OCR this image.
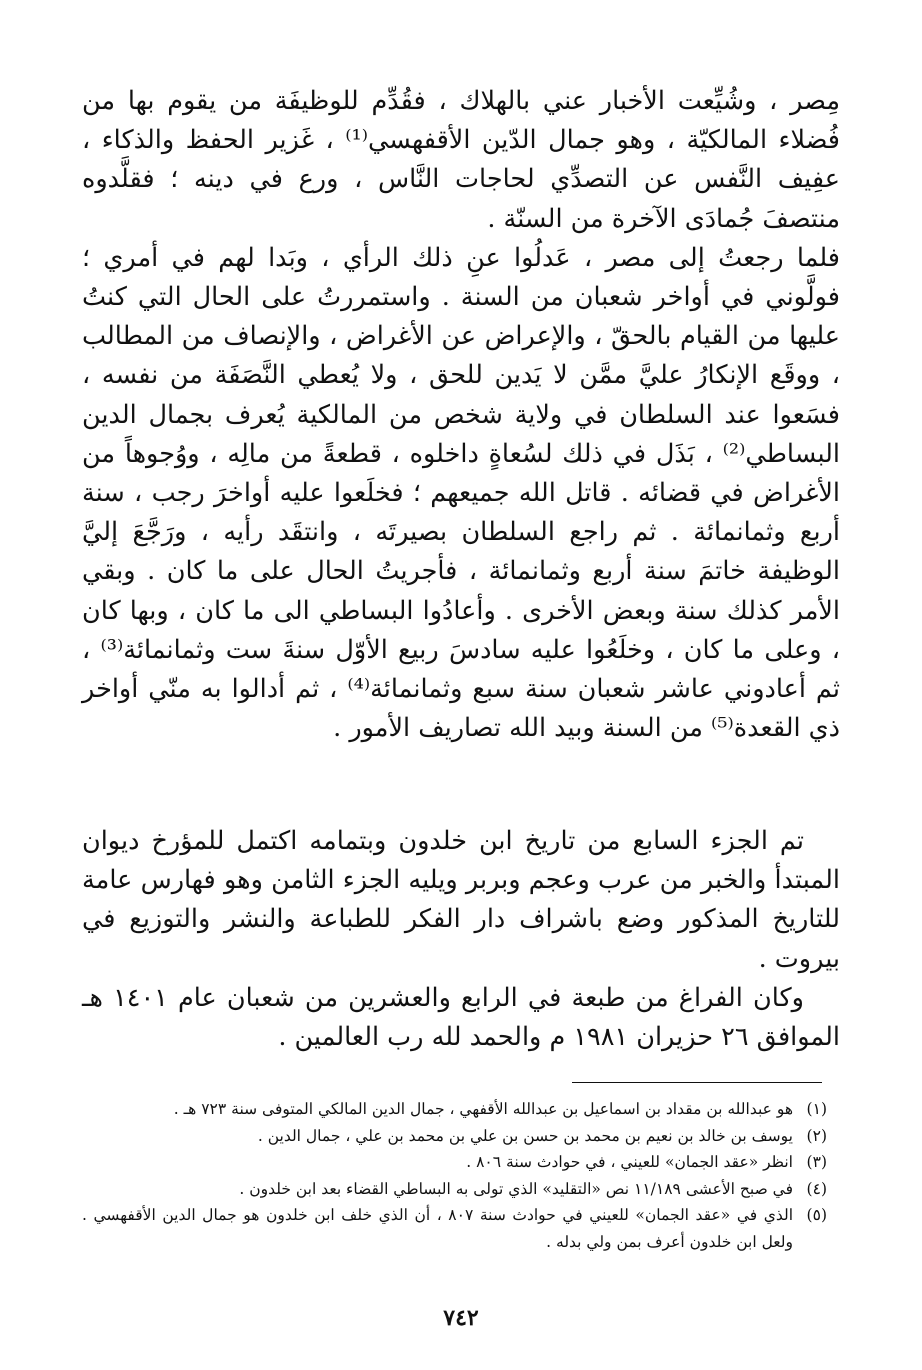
مِصر ، وشُيِّعت الأخبار عني بالهلاك ، فقُدِّم للوظيفَة من يقوم بها من فُضلاء المالكيّة ، وهو جمال الدّين الأقفهسي⁽¹⁾ ، غَزير الحفظ والذكاء ، عفِيف النَّفس عن التصدِّي لحاجات النَّاس ، ورع في دينه ؛ فقلَّدوه منتصفَ جُمادَى الآخرة من السنّة .

فلما رجعتُ إلى مصر ، عَدلُوا عنِ ذلك الرأي ، وبَدا لهم في أمري ؛ فولَّوني في أواخر شعبان من السنة . واستمررتُ على الحال التي كنتُ عليها من القيام بالحقّ ، والإعراض عن الأغراض ، والإنصاف من المطالب ، ووقَع الإنكارُ عليَّ ممَّن لا يَدين للحق ، ولا يُعطي النَّصَفَة من نفسه ، فسَعوا عند السلطان في ولاية شخص من المالكية يُعرف بجمال الدين البساطي⁽²⁾ ، بَذَل في ذلك لسُعاةٍ داخلوه ، قطعةً من مالِه ، ووُجوهاً من الأغراض في قضائه . قاتل الله جميعهم ؛ فخلَعوا عليه أواخرَ رجب ، سنة أربع وثمانمائة . ثم راجع السلطان بصيرتَه ، وانتقَد رأيه ، ورَجَّعَ إليَّ الوظيفة خاتمَ سنة أربع وثمانمائة ، فأجريتُ الحال على ما كان . وبقي الأمر كذلك سنة وبعض الأخرى . وأعادُوا البساطي الى ما كان ، وبها كان ، وعلى ما كان ، وخلَعُوا عليه سادسَ ربيع الأوّل سنةَ ست وثمانمائة⁽³⁾ ، ثم أعادوني عاشر شعبان سنة سبع وثمانمائة⁽⁴⁾ ، ثم أدالوا به منّي أواخر ذي القعدة⁽⁵⁾ من السنة وبيد الله تصاريف الأمور .

تم الجزء السابع من تاريخ ابن خلدون وبتمامه اكتمل للمؤرخ ديوان المبتدأ والخبر من عرب وعجم وبربر ويليه الجزء الثامن وهو فهارس عامة للتاريخ المذكور وضع باشراف دار الفكر للطباعة والنشر والتوزيع في بيروت .

وكان الفراغ من طبعة في الرابع والعشرين من شعبان عام ١٤٠١ هـ الموافق ٢٦ حزيران ١٩٨١ م والحمد لله رب العالمين .

(١)
هو عبدالله بن مقداد بن اسماعيل بن عبدالله الأقفهي ، جمال الدين المالكي المتوفى سنة ٧٢٣ هـ .
(٢)
يوسف بن خالد بن نعيم بن محمد بن حسن بن علي بن محمد بن علي ، جمال الدين .
(٣)
انظر «عقد الجمان» للعيني ، في حوادث سنة ٨٠٦ .
(٤)
في صبح الأعشى ١١/١٨٩ نص «التقليد» الذي تولى به البساطي القضاء بعد ابن خلدون .
(٥)
الذي في «عقد الجمان» للعيني في حوادث سنة ٨٠٧ ، أن الذي خلف ابن خلدون هو جمال الدين الأقفهسي . ولعل ابن خلدون أعرف بمن ولي بدله .
٧٤٢
